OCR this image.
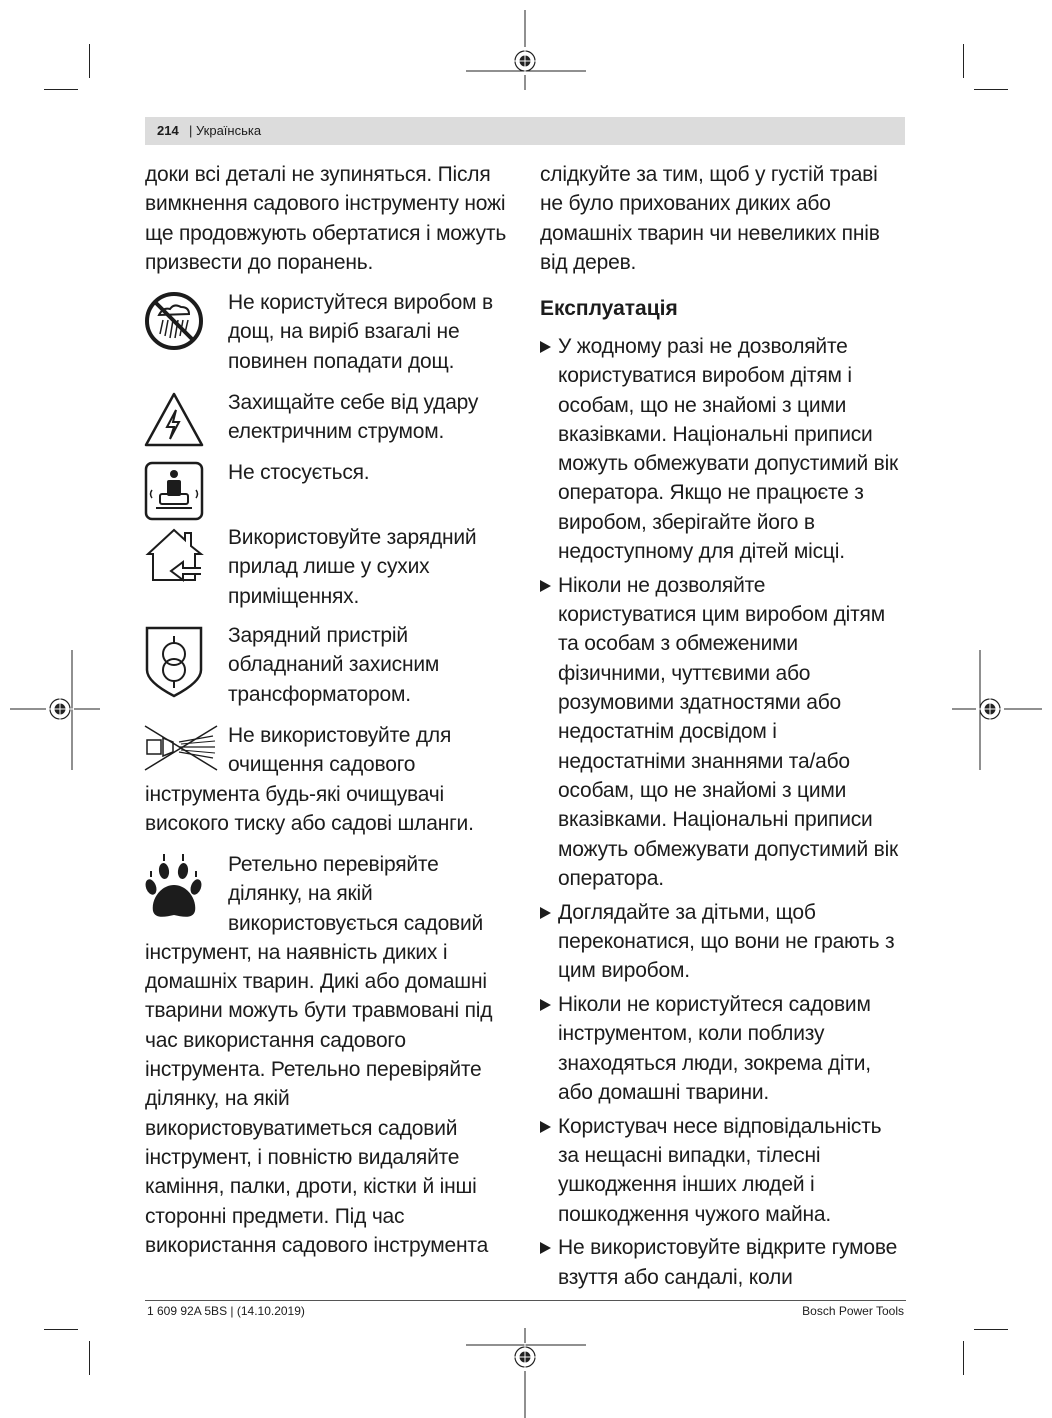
214 | Українська

доки всі деталі не зупиняться. Після вимкнення садового інструменту ножі ще продовжують обертатися і можуть призвести до поранень.

Не користуйтеся виробом в дощ, на виріб взагалі не повинен попадати дощ.
Захищайте себе від удару електричним струмом.
Не стосується.
Використовуйте зарядний прилад лише у сухих приміщеннях.
Зарядний пристрій обладнаний захисним трансформатором.
Не використовуйте для
очищення садового
інструмента будь-які очищувачі високого тиску або садові шланги.
Ретельно перевіряйте
ділянку, на якій
використовується садовий
інструмент, на наявність диких і домашніх тварин. Дикі або домашні тварини можуть бути травмовані під час використання садового інструмента. Ретельно перевіряйте ділянку, на якій використовуватиметься садовий інструмент, і повністю видаляйте каміння, палки, дроти, кістки й інші сторонні предмети. Під час використання садового інструмента

слідкуйте за тим, щоб у густій траві не було прихованих диких або домашніх тварин чи невеликих пнів від дерев.

Експлуатація
У жодному разі не дозволяйте користуватися виробом дітям і особам, що не знайомі з цими вказівками. Національні приписи можуть обмежувати допустимий вік оператора. Якщо не працюєте з виробом, зберігайте його в недоступному для дітей місці.
Ніколи не дозволяйте користуватися цим виробом дітям та особам з обмеженими фізичними, чуттєвими або розумовими здатностями або недостатнім досвідом і недостатніми знаннями та/або особам, що не знайомі з цими вказівками. Національні приписи можуть обмежувати допустимий вік оператора.
Доглядайте за дітьми, щоб переконатися, що вони не грають з цим виробом.
Ніколи не користуйтеся садовим інструментом, коли поблизу знаходяться люди, зокрема діти, або домашні тварини.
Користувач несе відповідальність за нещасні випадки, тілесні ушкодження інших людей і пошкодження чужого майна.
Не використовуйте відкрите гумове взуття або сандалі, коли
1 609 92A 5BS | (14.10.2019)	Bosch Power Tools
